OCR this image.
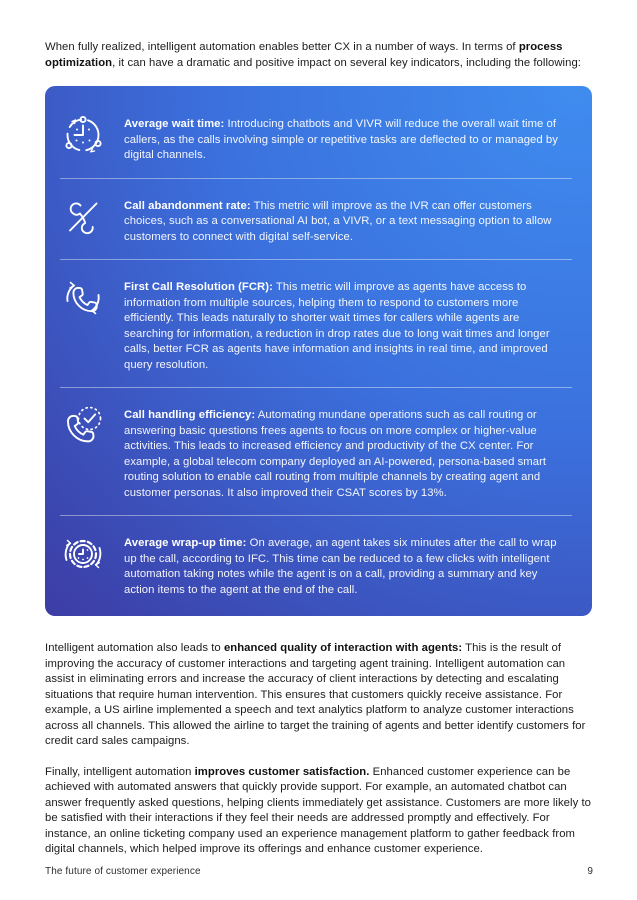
When fully realized, intelligent automation enables better CX in a number of ways. In terms of process optimization, it can have a dramatic and positive impact on several key indicators, including the following:

Average wait time: Introducing chatbots and VIVR will reduce the overall wait time of callers, as the calls involving simple or repetitive tasks are deflected to or managed by digital channels.
Call abandonment rate: This metric will improve as the IVR can offer customers choices, such as a conversational AI bot, a VIVR, or a text messaging option to allow customers to connect with digital self-service.
First Call Resolution (FCR): This metric will improve as agents have access to information from multiple sources, helping them to respond to customers more efficiently. This leads naturally to shorter wait times for callers while agents are searching for information, a reduction in drop rates due to long wait times and longer calls, better FCR as agents have information and insights in real time, and improved query resolution.
Call handling efficiency: Automating mundane operations such as call routing or answering basic questions frees agents to focus on more complex or higher-value activities. This leads to increased efficiency and productivity of the CX center. For example, a global telecom company deployed an AI-powered, persona-based smart routing solution to enable call routing from multiple channels by creating agent and customer personas. It also improved their CSAT scores by 13%.
Average wrap-up time: On average, an agent takes six minutes after the call to wrap up the call, according to IFC. This time can be reduced to a few clicks with intelligent automation taking notes while the agent is on a call, providing a summary and key action items to the agent at the end of the call.

Intelligent automation also leads to enhanced quality of interaction with agents: This is the result of improving the accuracy of customer interactions and targeting agent training. Intelligent automation can assist in eliminating errors and increase the accuracy of client interactions by detecting and escalating situations that require human intervention. This ensures that customers quickly receive assistance. For example, a US airline implemented a speech and text analytics platform to analyze customer interactions across all channels. This allowed the airline to target the training of agents and better identify customers for credit card sales campaigns.

Finally, intelligent automation improves customer satisfaction. Enhanced customer experience can be achieved with automated answers that quickly provide support. For example, an automated chatbot can answer frequently asked questions, helping clients immediately get assistance. Customers are more likely to be satisfied with their interactions if they feel their needs are addressed promptly and effectively. For instance, an online ticketing company used an experience management platform to gather feedback from digital channels, which helped improve its offerings and enhance customer experience.

The future of customer experience	9
